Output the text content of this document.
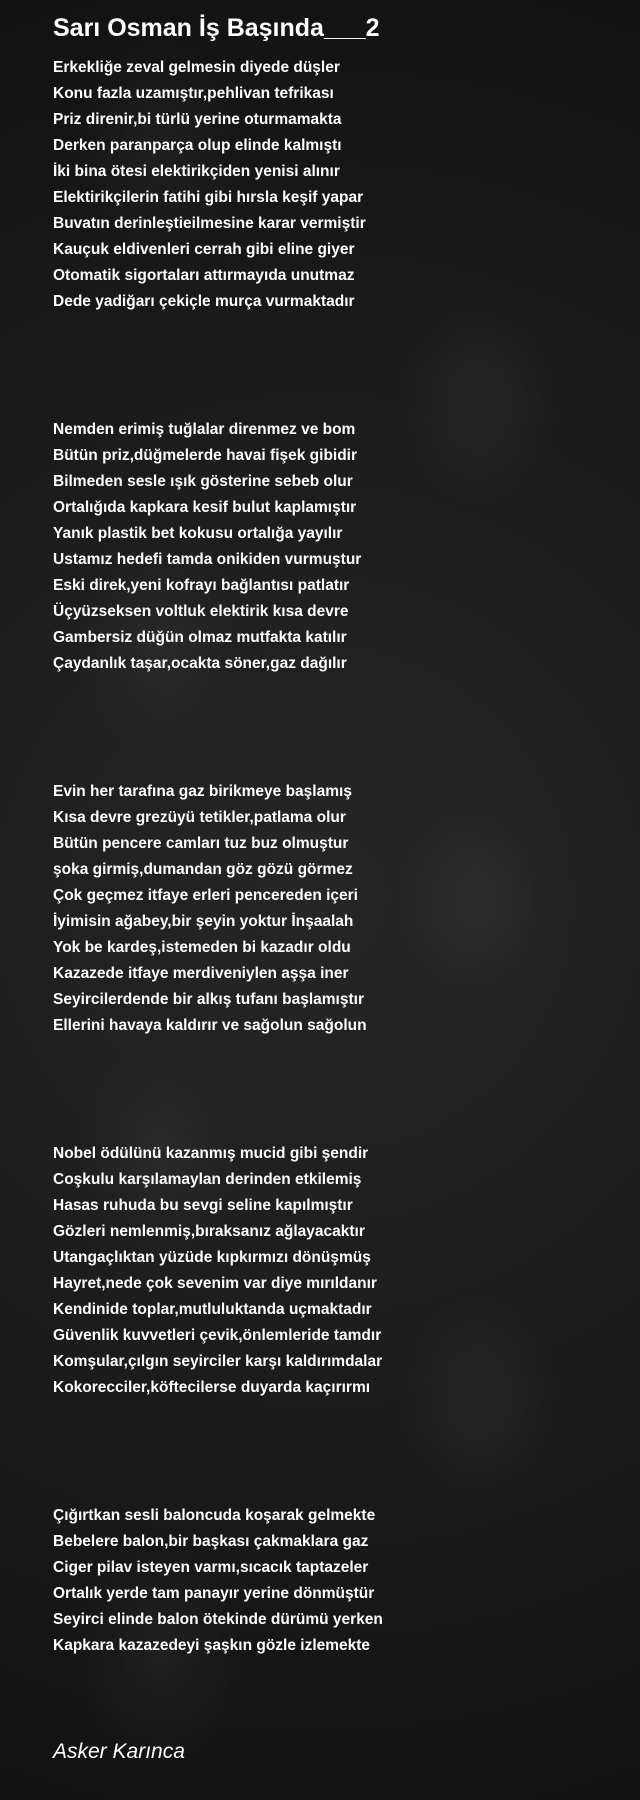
Sarı Osman İş Başında___2
Erkekliğe zeval gelmesin diyede düşler
Konu fazla uzamıştır,pehlivan tefrikası
Priz direnir,bi türlü yerine oturmamakta
Derken paranparça olup elinde kalmıştı
İki bina ötesi elektirikçiden yenisi alınır
Elektirikçilerin fatihi gibi hırsla keşif yapar
Buvatın derinleştieilmesine karar vermiştir
Kauçuk eldivenleri cerrah gibi eline giyer
Otomatik sigortaları attırmayıda unutmaz
Dede yadiğarı çekiçle murça vurmaktadır
Nemden erimiş tuğlalar direnmez ve bom
Bütün priz,düğmelerde havai fişek gibidir
Bilmeden sesle ışık gösterine sebeb olur
Ortalığıda kapkara kesif bulut kaplamıştır
Yanık plastik bet kokusu ortalığa yayılır
Ustamız hedefi tamda onikiden vurmuştur
Eski direk,yeni kofrayı bağlantısı patlatır
Üçyüzseksen voltluk elektirik kısa devre
Gambersiz düğün olmaz mutfakta katılır
Çaydanlık taşar,ocakta söner,gaz dağılır
Evin her tarafına gaz birikmeye başlamış
Kısa devre grezüyü tetikler,patlama olur
Bütün pencere camları tuz buz olmuştur
şoka girmiş,dumandan göz gözü görmez
Çok geçmez itfaye erleri pencereden içeri
İyimisin ağabey,bir şeyin yoktur İnşaalah
Yok be kardeş,istemeden bi kazadır oldu
Kazazede itfaye merdiveniylen aşşa iner
Seyircilerdende bir alkış tufanı başlamıştır
Ellerini havaya kaldırır ve sağolun sağolun
Nobel ödülünü kazanmış mucid gibi şendir
Coşkulu karşılamaylan derinden etkilemiş
Hasas ruhuda bu sevgi seline kapılmıştır
Gözleri nemlenmiş,bıraksanız ağlayacaktır
Utangaçlıktan yüzüde kıpkırmızı dönüşmüş
Hayret,nede çok sevenim var diye mırıldanır
Kendinide toplar,mutluluktanda uçmaktadır
Güvenlik kuvvetleri çevik,önlemleride tamdır
Komşular,çılgın seyirciler karşı kaldırımdalar
Kokorecciler,köftecilerse duyarda kaçırırmı
Çığırtkan sesli baloncuda koşarak gelmekte
Bebelere balon,bir başkası çakmaklara gaz
Ciger pilav isteyen varmı,sıcacık taptazeler
Ortalık yerde tam panayır yerine dönmüştür
Seyirci elinde balon ötekinde dürümü yerken
Kapkara kazazedeyi şaşkın gözle izlemekte
Asker Karınca
